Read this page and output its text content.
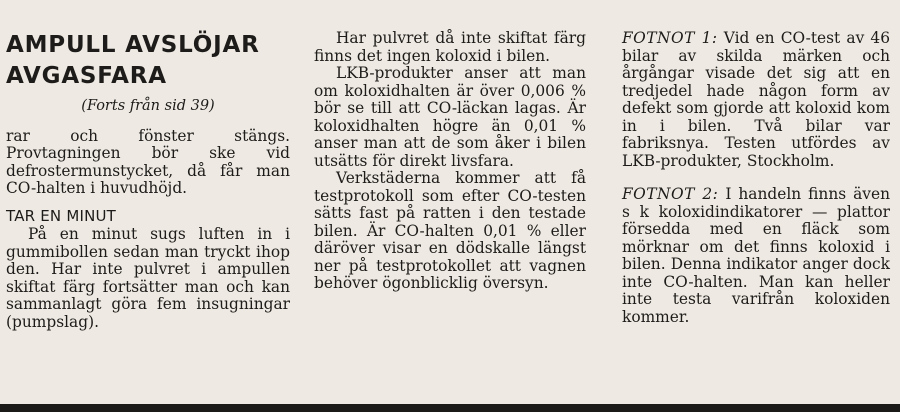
AMPULL AVSLÖJAR
AVGASFARA
(Forts från sid 39)

rar och fönster stängs. Provtagningen bör ske vid defrostermunstycket, då får man CO-halten i huvudhöjd.

TAR EN MINUT

På en minut sugs luften in i gummibollen sedan man tryckt ihop den. Har inte pulvret i ampullen skiftat färg fortsätter man och kan sammanlagt göra fem insugningar (pumpslag).

Har pulvret då inte skiftat färg finns det ingen koloxid i bilen.

LKB-produkter anser att man om koloxidhalten är över 0,006 % bör se till att CO-läckan lagas. Är koloxidhalten högre än 0,01 % anser man att de som åker i bilen utsätts för direkt livsfara.

Verkstäderna kommer att få testprotokoll som efter CO-testen sätts fast på ratten i den testade bilen. Är CO-halten 0,01 % eller däröver visar en dödskalle längst ner på testprotokollet att vagnen behöver ögonblicklig översyn.

FOTNOT 1: Vid en CO-test av 46 bilar av skilda märken och årgångar visade det sig att en tredjedel hade någon form av defekt som gjorde att koloxid kom in i bilen. Två bilar var fabriksnya. Testen utfördes av LKB-produkter, Stockholm.

FOTNOT 2: I handeln finns även s k koloxidindikatorer — plattor försedda med en fläck som mörknar om det finns koloxid i bilen. Denna indikator anger dock inte CO-halten. Man kan heller inte testa varifrån koloxiden kommer.
